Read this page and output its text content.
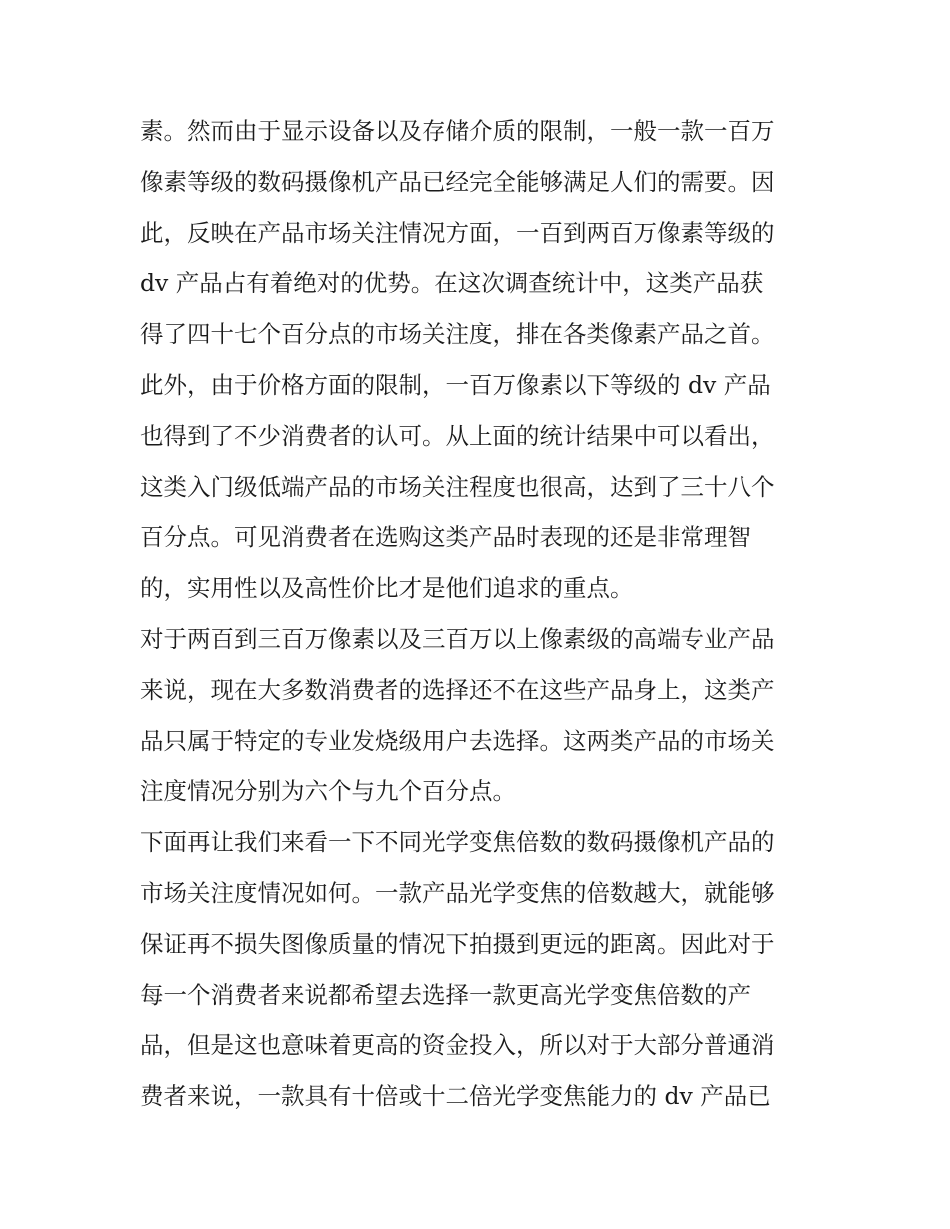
素。然而由于显示设备以及存储介质的限制，一般一款一百万
像素等级的数码摄像机产品已经完全能够满足人们的需要。因
此，反映在产品市场关注情况方面，一百到两百万像素等级的
dv 产品占有着绝对的优势。在这次调查统计中，这类产品获
得了四十七个百分点的市场关注度，排在各类像素产品之首。
此外，由于价格方面的限制，一百万像素以下等级的 dv 产品
也得到了不少消费者的认可。从上面的统计结果中可以看出，
这类入门级低端产品的市场关注程度也很高，达到了三十八个
百分点。可见消费者在选购这类产品时表现的还是非常理智
的，实用性以及高性价比才是他们追求的重点。
对于两百到三百万像素以及三百万以上像素级的高端专业产品
来说，现在大多数消费者的选择还不在这些产品身上，这类产
品只属于特定的专业发烧级用户去选择。这两类产品的市场关
注度情况分别为六个与九个百分点。
下面再让我们来看一下不同光学变焦倍数的数码摄像机产品的
市场关注度情况如何。一款产品光学变焦的倍数越大，就能够
保证再不损失图像质量的情况下拍摄到更远的距离。因此对于
每一个消费者来说都希望去选择一款更高光学变焦倍数的产
品，但是这也意味着更高的资金投入，所以对于大部分普通消
费者来说，一款具有十倍或十二倍光学变焦能力的 dv 产品已
